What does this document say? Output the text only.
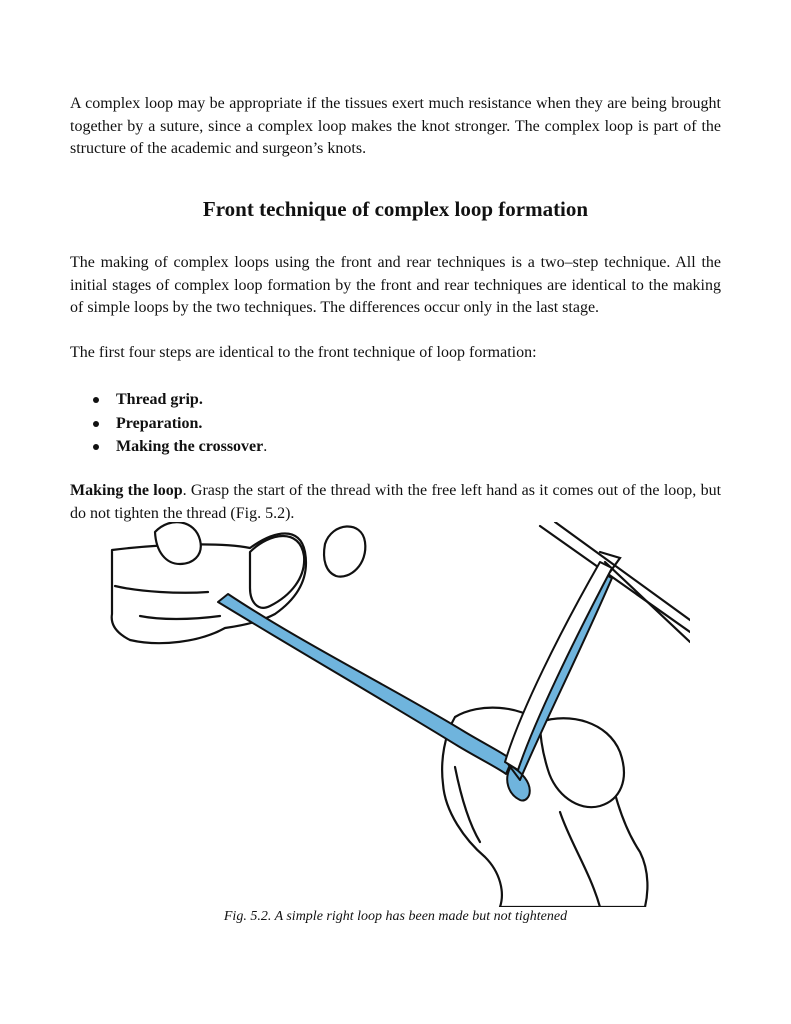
A complex loop may be appropriate if the tissues exert much resistance when they are being brought together by a suture, since a complex loop makes the knot stronger. The complex loop is part of the structure of the academic and surgeon’s knots.

Front technique of complex loop formation

The making of complex loops using the front and rear techniques is a two–step technique. All the initial stages of complex loop formation by the front and rear techniques are identical to the making of simple loops by the two techniques. The differences occur only in the last stage.

The first four steps are identical to the front technique of loop formation:

Thread grip.
Preparation.
Making the crossover.

Making the loop. Grasp the start of the thread with the free left hand as it comes out of the loop, but do not tighten the thread (Fig. 5.2).

Fig. 5.2. A simple right loop has been made but not tightened
